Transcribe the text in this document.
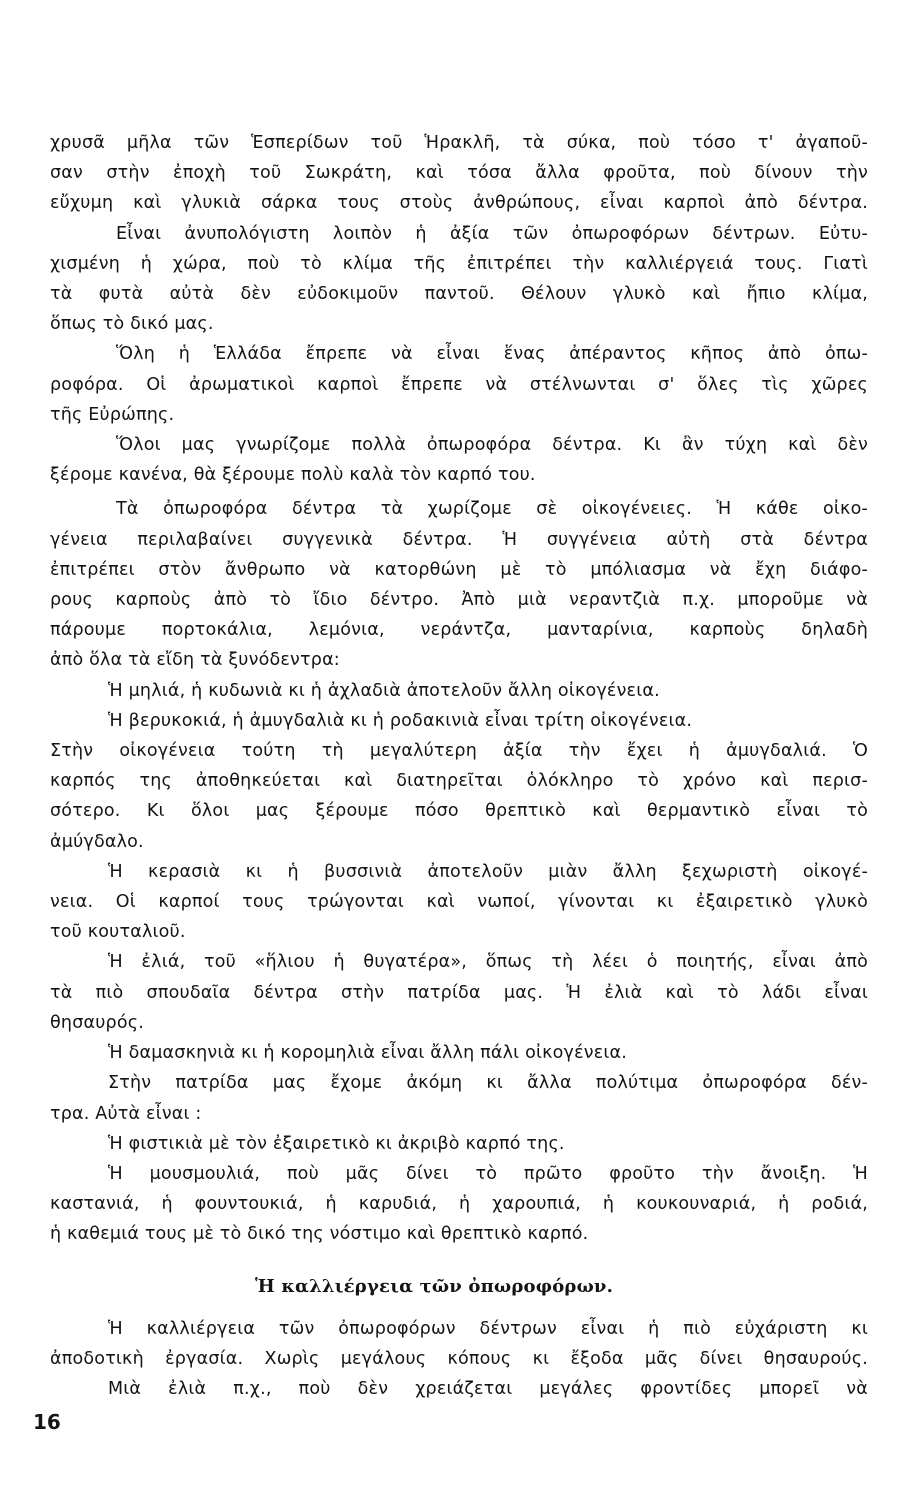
χρυσᾶ μῆλα τῶν Ἑσπερίδων τοῦ Ἡρακλῆ, τὰ σύκα, ποὺ τόσο τ' ἀγαποῦ-
σαν στὴν ἐποχὴ τοῦ Σωκράτη, καὶ τόσα ἄλλα φροῦτα, ποὺ δίνουν τὴν
εὔχυμη καὶ γλυκιὰ σάρκα τους στοὺς ἀνθρώπους, εἶναι καρποὶ ἀπὸ δέντρα.
Εἶναι ἀνυπολόγιστη λοιπὸν ἡ ἀξία τῶν ὀπωροφόρων δέντρων. Εὐτυ-
χισμένη ἡ χώρα, ποὺ τὸ κλίμα τῆς ἐπιτρέπει τὴν καλλιέργειά τους. Γιατὶ
τὰ φυτὰ αὐτὰ δὲν εὐδοκιμοῦν παντοῦ. Θέλουν γλυκὸ καὶ ἤπιο κλίμα,
ὅπως τὸ δικό μας.
Ὅλη ἡ Ἑλλάδα ἔπρεπε νὰ εἶναι ἕνας ἀπέραντος κῆπος ἀπὸ ὀπω-
ροφόρα. Οἱ ἀρωματικοὶ καρποὶ ἔπρεπε νὰ στέλνωνται σ' ὅλες τὶς χῶρες
τῆς Εὐρώπης.
Ὅλοι μας γνωρίζομε πολλὰ ὀπωροφόρα δέντρα. Κι ἂν τύχη καὶ δὲν
ξέρομε κανένα, θὰ ξέρουμε πολὺ καλὰ τὸν καρπό του.
Τὰ ὀπωροφόρα δέντρα τὰ χωρίζομε σὲ οἰκογένειες. Ἡ κάθε οἰκο-
γένεια περιλαβαίνει συγγενικὰ δέντρα. Ἡ συγγένεια αὐτὴ στὰ δέντρα
ἐπιτρέπει στὸν ἄνθρωπο νὰ κατορθώνη μὲ τὸ μπόλιασμα νὰ ἔχη διάφο-
ρους καρποὺς ἀπὸ τὸ ἴδιο δέντρο. Ἀπὸ μιὰ νεραντζιὰ π.χ. μποροῦμε νὰ
πάρουμε πορτοκάλια, λεμόνια, νεράντζα, μανταρίνια, καρποὺς δηλαδὴ
ἀπὸ ὅλα τὰ εἴδη τὰ ξυνόδεντρα:
Ἡ μηλιά, ἡ κυδωνιὰ κι ἡ ἀχλαδιὰ ἀποτελοῦν ἄλλη οἰκογένεια.
Ἡ βερυκοκιά, ἡ ἀμυγδαλιὰ κι ἡ ροδακινιὰ εἶναι τρίτη οἰκογένεια.
Στὴν οἰκογένεια τούτη τὴ μεγαλύτερη ἀξία τὴν ἔχει ἡ ἀμυγδαλιά. Ὁ
καρπός της ἀποθηκεύεται καὶ διατηρεῖται ὁλόκληρο τὸ χρόνο καὶ περισ-
σότερο. Κι ὅλοι μας ξέρουμε πόσο θρεπτικὸ καὶ θερμαντικὸ εἶναι τὸ
ἀμύγδαλο.
Ἡ κερασιὰ κι ἡ βυσσινιὰ ἀποτελοῦν μιὰν ἄλλη ξεχωριστὴ οἰκογέ-
νεια. Οἱ καρποί τους τρώγονται καὶ νωποί, γίνονται κι ἐξαιρετικὸ γλυκὸ
τοῦ κουταλιοῦ.
Ἡ ἐλιά, τοῦ «ἥλιου ἡ θυγατέρα», ὅπως τὴ λέει ὁ ποιητής, εἶναι ἀπὸ
τὰ πιὸ σπουδαῖα δέντρα στὴν πατρίδα μας. Ἡ ἐλιὰ καὶ τὸ λάδι εἶναι
θησαυρός.
Ἡ δαμασκηνιὰ κι ἡ κορομηλιὰ εἶναι ἄλλη πάλι οἰκογένεια.
Στὴν πατρίδα μας ἔχομε ἀκόμη κι ἄλλα πολύτιμα ὀπωροφόρα δέν-
τρα. Αὐτὰ εἶναι :
Ἡ φιστικιὰ μὲ τὸν ἐξαιρετικὸ κι ἀκριβὸ καρπό της.
Ἡ μουσμουλιά, ποὺ μᾶς δίνει τὸ πρῶτο φροῦτο τὴν ἄνοιξη. Ἡ
καστανιά, ἡ φουντουκιά, ἡ καρυδιά, ἡ χαρουπιά, ἡ κουκουναριά, ἡ ροδιά,
ἡ καθεμιά τους μὲ τὸ δικό της νόστιμο καὶ θρεπτικὸ καρπό.
Ἡ καλλιέργεια τῶν ὀπωροφόρων.
Ἡ καλλιέργεια τῶν ὀπωροφόρων δέντρων εἶναι ἡ πιὸ εὐχάριστη κι
ἀποδοτικὴ ἐργασία. Χωρὶς μεγάλους κόπους κι ἔξοδα μᾶς δίνει θησαυρούς.
Μιὰ ἐλιὰ π.χ., ποὺ δὲν χρειάζεται μεγάλες φροντίδες μπορεῖ νὰ
16
